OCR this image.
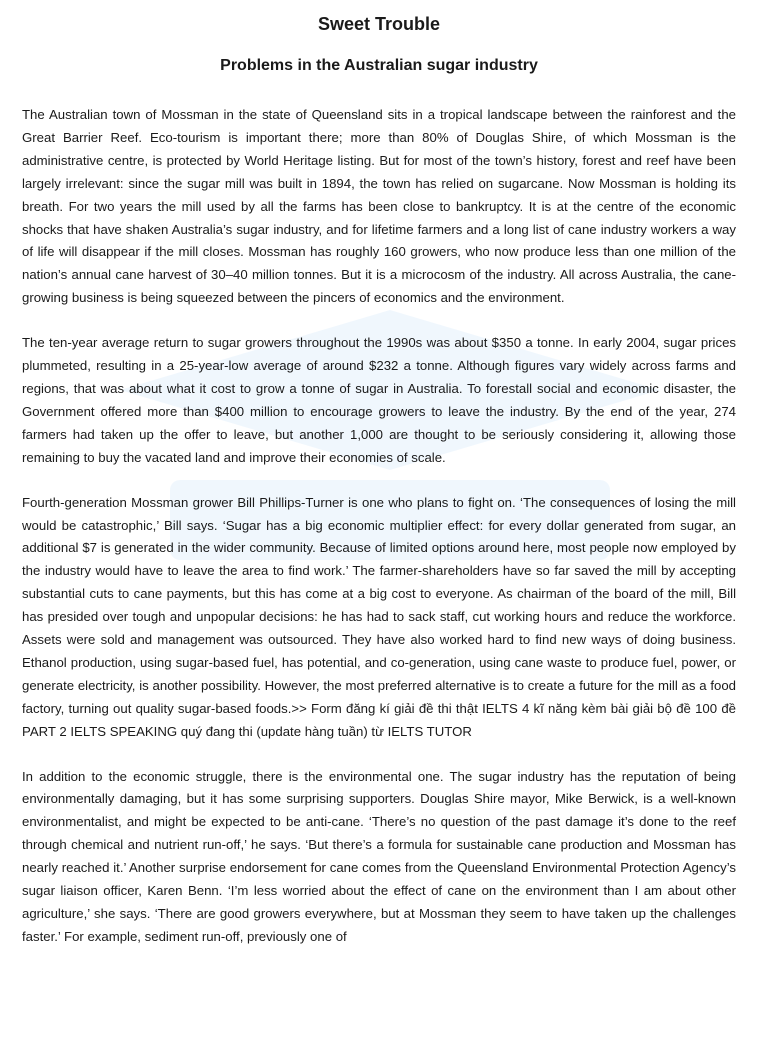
Sweet Trouble
Problems in the Australian sugar industry

The Australian town of Mossman in the state of Queensland sits in a tropical landscape between the rainforest and the Great Barrier Reef. Eco-tourism is important there; more than 80% of Douglas Shire, of which Mossman is the administrative centre, is protected by World Heritage listing. But for most of the town’s history, forest and reef have been largely irrelevant: since the sugar mill was built in 1894, the town has relied on sugarcane. Now Mossman is holding its breath. For two years the mill used by all the farms has been close to bankruptcy. It is at the centre of the economic shocks that have shaken Australia’s sugar industry, and for lifetime farmers and a long list of cane industry workers a way of life will disappear if the mill closes. Mossman has roughly 160 growers, who now produce less than one million of the nation’s annual cane harvest of 30–40 million tonnes. But it is a microcosm of the industry. All across Australia, the cane-growing business is being squeezed between the pincers of economics and the environment.

The ten-year average return to sugar growers throughout the 1990s was about $350 a tonne. In early 2004, sugar prices plummeted, resulting in a 25-year-low average of around $232 a tonne. Although figures vary widely across farms and regions, that was about what it cost to grow a tonne of sugar in Australia. To forestall social and economic disaster, the Government offered more than $400 million to encourage growers to leave the industry. By the end of the year, 274 farmers had taken up the offer to leave, but another 1,000 are thought to be seriously considering it, allowing those remaining to buy the vacated land and improve their economies of scale.

Fourth-generation Mossman grower Bill Phillips-Turner is one who plans to fight on. ‘The consequences of losing the mill would be catastrophic,’ Bill says. ‘Sugar has a big economic multiplier effect: for every dollar generated from sugar, an additional $7 is generated in the wider community. Because of limited options around here, most people now employed by the industry would have to leave the area to find work.’ The farmer-shareholders have so far saved the mill by accepting substantial cuts to cane payments, but this has come at a big cost to everyone. As chairman of the board of the mill, Bill has presided over tough and unpopular decisions: he has had to sack staff, cut working hours and reduce the workforce. Assets were sold and management was outsourced. They have also worked hard to find new ways of doing business. Ethanol production, using sugar-based fuel, has potential, and co-generation, using cane waste to produce fuel, power, or generate electricity, is another possibility. However, the most preferred alternative is to create a future for the mill as a food factory, turning out quality sugar-based foods.>> Form đăng kí giải đề thi thật IELTS 4 kĩ năng kèm bài giải bộ đề 100 đề PART 2 IELTS SPEAKING quý đang thi (update hàng tuần) từ IELTS TUTOR

In addition to the economic struggle, there is the environmental one. The sugar industry has the reputation of being environmentally damaging, but it has some surprising supporters. Douglas Shire mayor, Mike Berwick, is a well-known environmentalist, and might be expected to be anti-cane. ‘There’s no question of the past damage it’s done to the reef through chemical and nutrient run-off,’ he says. ‘But there’s a formula for sustainable cane production and Mossman has nearly reached it.’ Another surprise endorsement for cane comes from the Queensland Environmental Protection Agency’s sugar liaison officer, Karen Benn. ‘I’m less worried about the effect of cane on the environment than I am about other agriculture,’ she says. ‘There are good growers everywhere, but at Mossman they seem to have taken up the challenges faster.’ For example, sediment run-off, previously one of
